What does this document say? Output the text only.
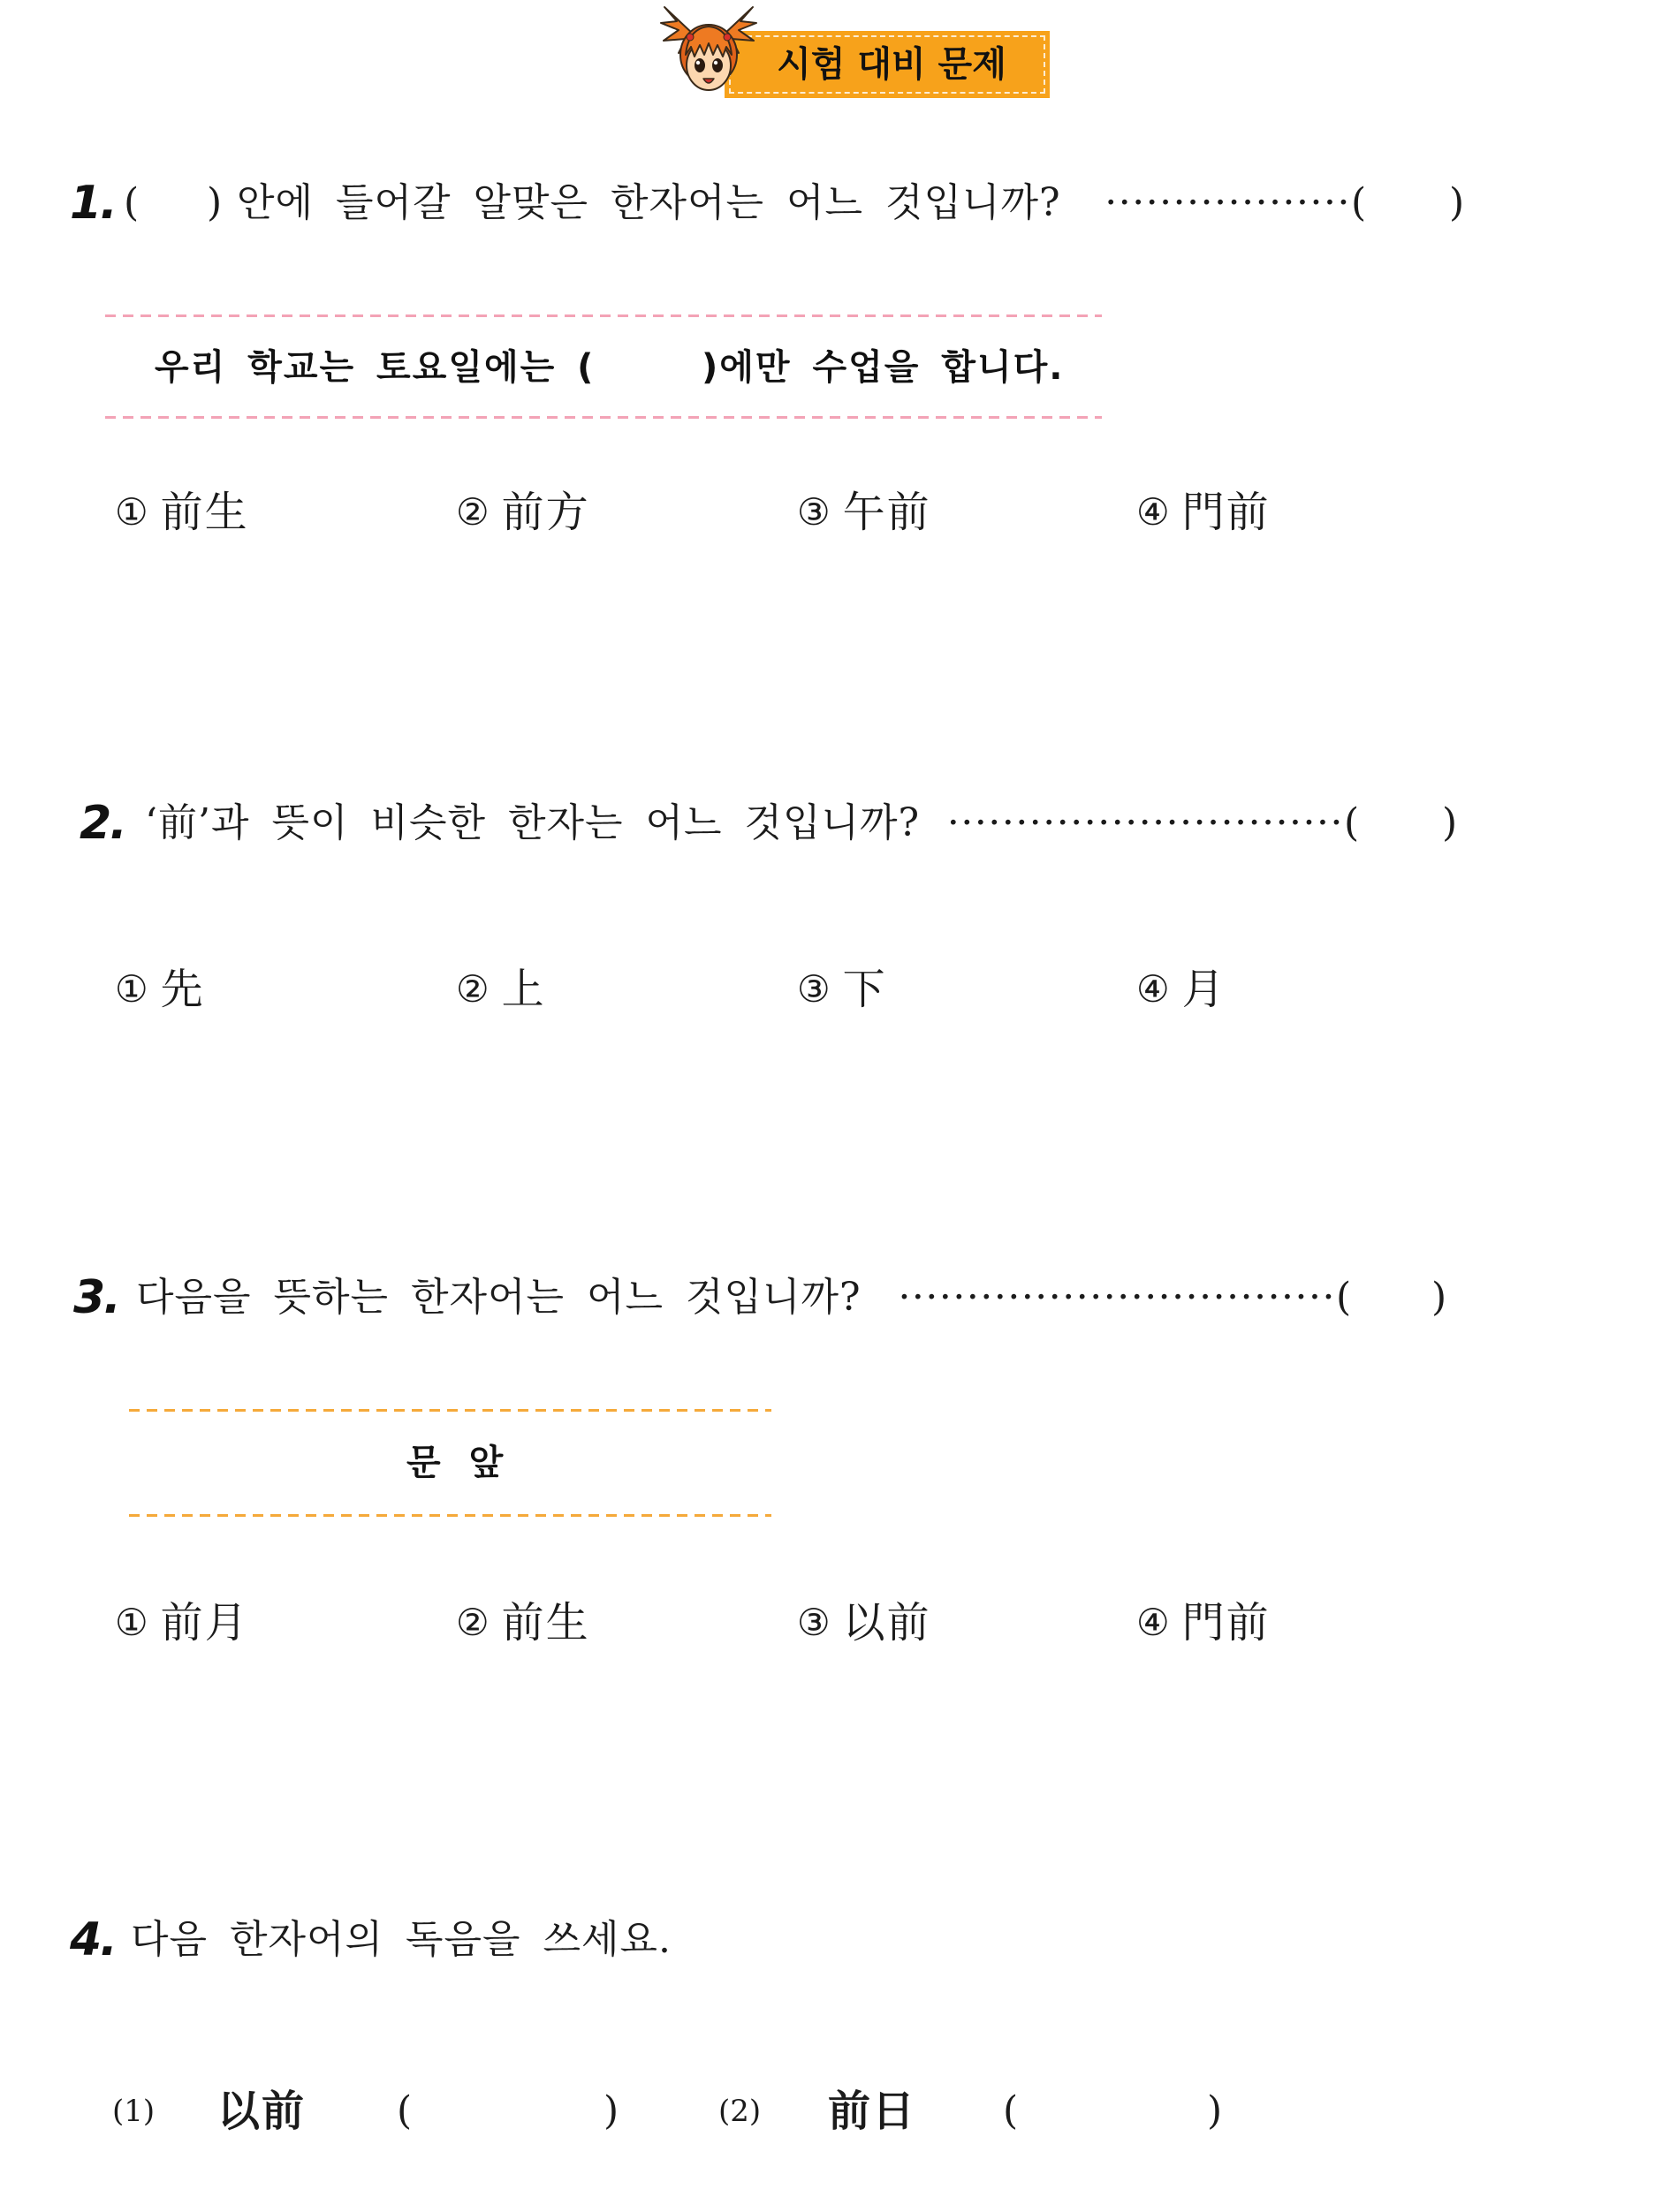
시험 대비 문제
1. ( ) 안에 들어갈 알맞은 한자어는 어느 것입니까?	·················· ( )
우리 학교는 토요일에는 (	)에만 수업을 합니다.
① 前生	② 前方	③ 午前	④ 門前
2. ‘前’과 뜻이 비슷한 한자는 어느 것입니까? ····························· ( )
① 先	② 上	③ 下	④ 月
3. 다음을 뜻하는 한자어는 어느 것입니까? ································ ( )
문 앞
① 前月	② 前生	③ 以前	④ 門前
4. 다음 한자어의 독음을 쓰세요.
(1) 以前 (	)	(2) 前日 (	)
